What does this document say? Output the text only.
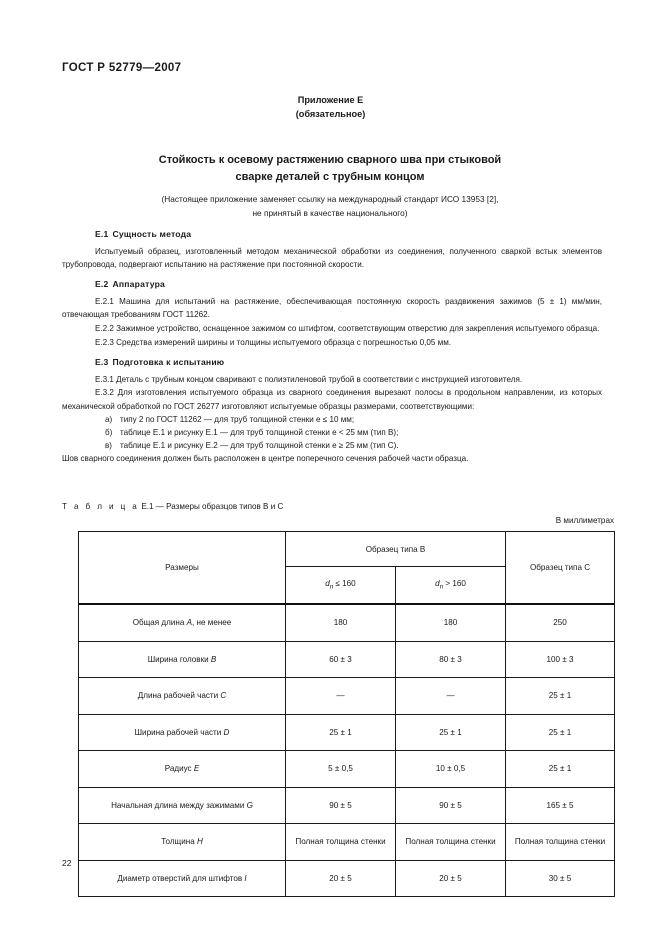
ГОСТ Р 52779—2007
Приложение Е
(обязательное)
Стойкость к осевому растяжению сварного шва при стыковой
сварке деталей с трубным концом
(Настоящее приложение заменяет ссылку на международный стандарт ИСО 13953 [2],
не принятый в качестве национального)
E.1 Сущность метода

Испытуемый образец, изготовленный методом механической обработки из соединения, полученного сваркой встык элементов трубопровода, подвергают испытанию на растяжение при постоянной скорости.

E.2 Аппаратура

E.2.1 Машина для испытаний на растяжение, обеспечивающая постоянную скорость раздвижения зажимов (5 ± 1) мм/мин, отвечающая требованиям ГОСТ 11262.

E.2.2 Зажимное устройство, оснащенное зажимом со штифтом, соответствующим отверстию для закрепления испытуемого образца.

E.2.3 Средства измерений ширины и толщины испытуемого образца с погрешностью 0,05 мм.

E.3 Подготовка к испытанию

E.3.1 Деталь с трубным концом сваривают с полиэтиленовой трубой в соответствии с инструкцией изготовителя.

E.3.2 Для изготовления испытуемого образца из сварного соединения вырезают полосы в продольном направлении, из которых механической обработкой по ГОСТ 26277 изготовляют испытуемые образцы размерами, соответствующими:

а) типу 2 по ГОСТ 11262 — для труб толщиной стенки e ≤ 10 мм;

б) таблице Е.1 и рисунку Е.1 — для труб толщиной стенки e < 25 мм (тип В);

в) таблице Е.1 и рисунку Е.2 — для труб толщиной стенки e ≥ 25 мм (тип С).

Шов сварного соединения должен быть расположен в центре поперечного сечения рабочей части образца.

Т а б л и ц а Е.1 — Размеры образцов типов В и С
В миллиметрах
Размеры	Образец типа В		Образец типа С
	$d_п \le 160$	$d_п > 160$	
Общая длина A, не менее	180	180	250
Ширина головки B	60 ± 3	80 ± 3	100 ± 3
Длина рабочей части C	—	—	25 ± 1
Ширина рабочей части D	25 ± 1	25 ± 1	25 ± 1
Радиус E	5 ± 0,5	10 ± 0,5	25 ± 1
Начальная длина между зажимами G	90 ± 5	90 ± 5	165 ± 5
Толщина H	Полная толщина стенки	Полная толщина стенки	Полная толщина стенки
Диаметр отверстий для штифтов I	20 ± 5	20 ± 5	30 ± 5
22
